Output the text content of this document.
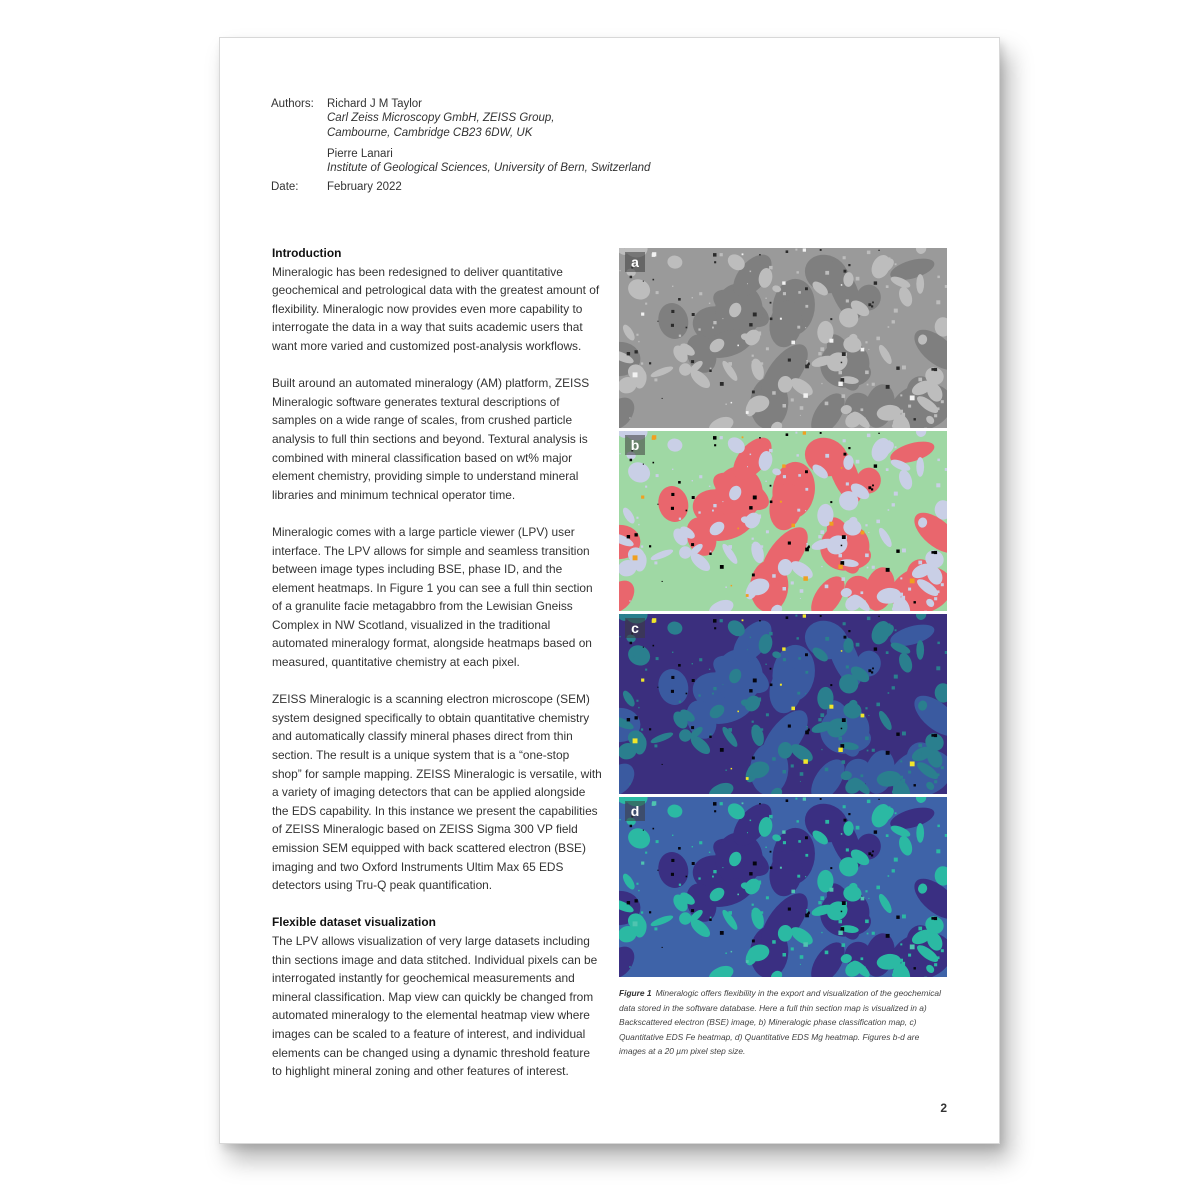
Authors:	Richard J M Taylor
Carl Zeiss Microscopy GmbH, ZEISS Group,
Cambourne, Cambridge CB23 6DW, UK
Pierre Lanari
Institute of Geological Sciences, University of Bern, Switzerland
Date:	February 2022
Introduction

Mineralogic has been redesigned to deliver quantitative geochemical and petrological data with the greatest amount of flexibility. Mineralogic now provides even more capability to interrogate the data in a way that suits academic users that want more varied and customized post-analysis workflows.

Built around an automated mineralogy (AM) platform, ZEISS Mineralogic software generates textural descriptions of samples on a wide range of scales, from crushed particle analysis to full thin sections and beyond. Textural analysis is combined with mineral classification based on wt% major element chemistry, providing simple to understand mineral libraries and minimum technical operator time.

Mineralogic comes with a large particle viewer (LPV) user interface. The LPV allows for simple and seamless transition between image types including BSE, phase ID, and the element heatmaps. In Figure 1 you can see a full thin section of a granulite facie metagabbro from the Lewisian Gneiss Complex in NW Scotland, visualized in the traditional automated mineralogy format, alongside heatmaps based on measured, quantitative chemistry at each pixel.

ZEISS Mineralogic is a scanning electron microscope (SEM) system designed specifically to obtain quantitative chemistry and automatically classify mineral phases direct from thin section. The result is a unique system that is a “one-stop shop” for sample mapping. ZEISS Mineralogic is versatile, with a variety of imaging detectors that can be applied alongside the EDS capability. In this instance we present the capabilities of ZEISS Mineralogic based on ZEISS Sigma 300 VP field emission SEM equipped with back scattered electron (BSE) imaging and two Oxford Instruments Ultim Max 65 EDS detectors using Tru-Q peak quantification.

Flexible dataset visualization

The LPV allows visualization of very large datasets including thin sections image and data stitched. Individual pixels can be interrogated instantly for geochemical measurements and mineral classification. Map view can quickly be changed from automated mineralogy to the elemental heatmap view where images can be scaled to a feature of interest, and individual elements can be changed using a dynamic threshold feature to highlight mineral zoning and other features of interest.

a
b
c
d
Figure 1 Mineralogic offers flexibility in the export and visualization of the geochemical data stored in the software database. Here a full thin section map is visualized in a) Backscattered electron (BSE) image, b) Mineralogic phase classification map, c) Quantitative EDS Fe heatmap, d) Quantitative EDS Mg heatmap. Figures b-d are images at a 20 µm pixel step size.
2
